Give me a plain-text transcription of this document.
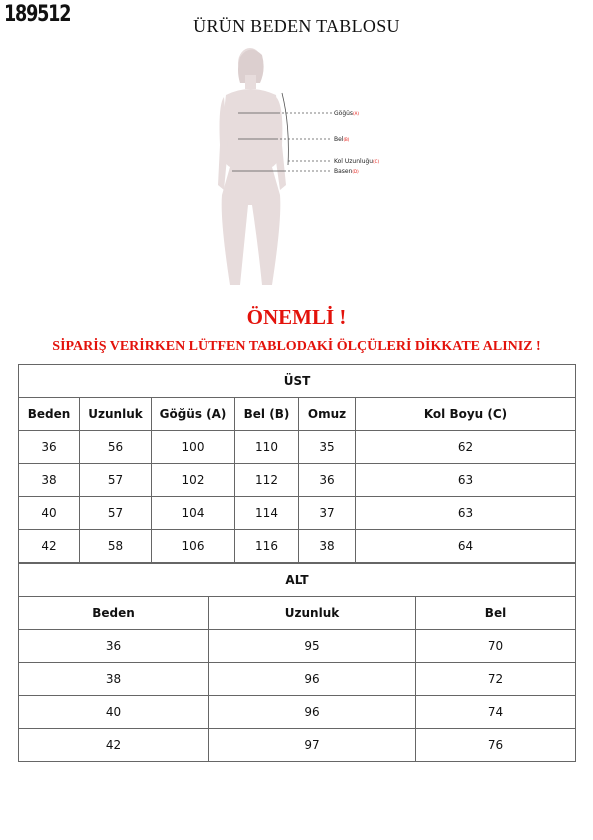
189512	ÜRÜN BEDEN TABLOSU
Göğüs(A)
Bel(B)
Kol Uzunluğu(C)
Basen(D)
ÖNEMLİ !
SİPARİŞ VERİRKEN LÜTFEN TABLODAKİ ÖLÇÜLERİ DİKKATE ALINIZ !
ÜST					
Beden	Uzunluk	Göğüs (A)	Bel (B)	Omuz	Kol Boyu (C)
36	56	100	110	35	62
38	57	102	112	36	63
40	57	104	114	37	63
42	58	106	116	38	64
ALT		
Beden	Uzunluk	Bel
36	95	70
38	96	72
40	96	74
42	97	76
